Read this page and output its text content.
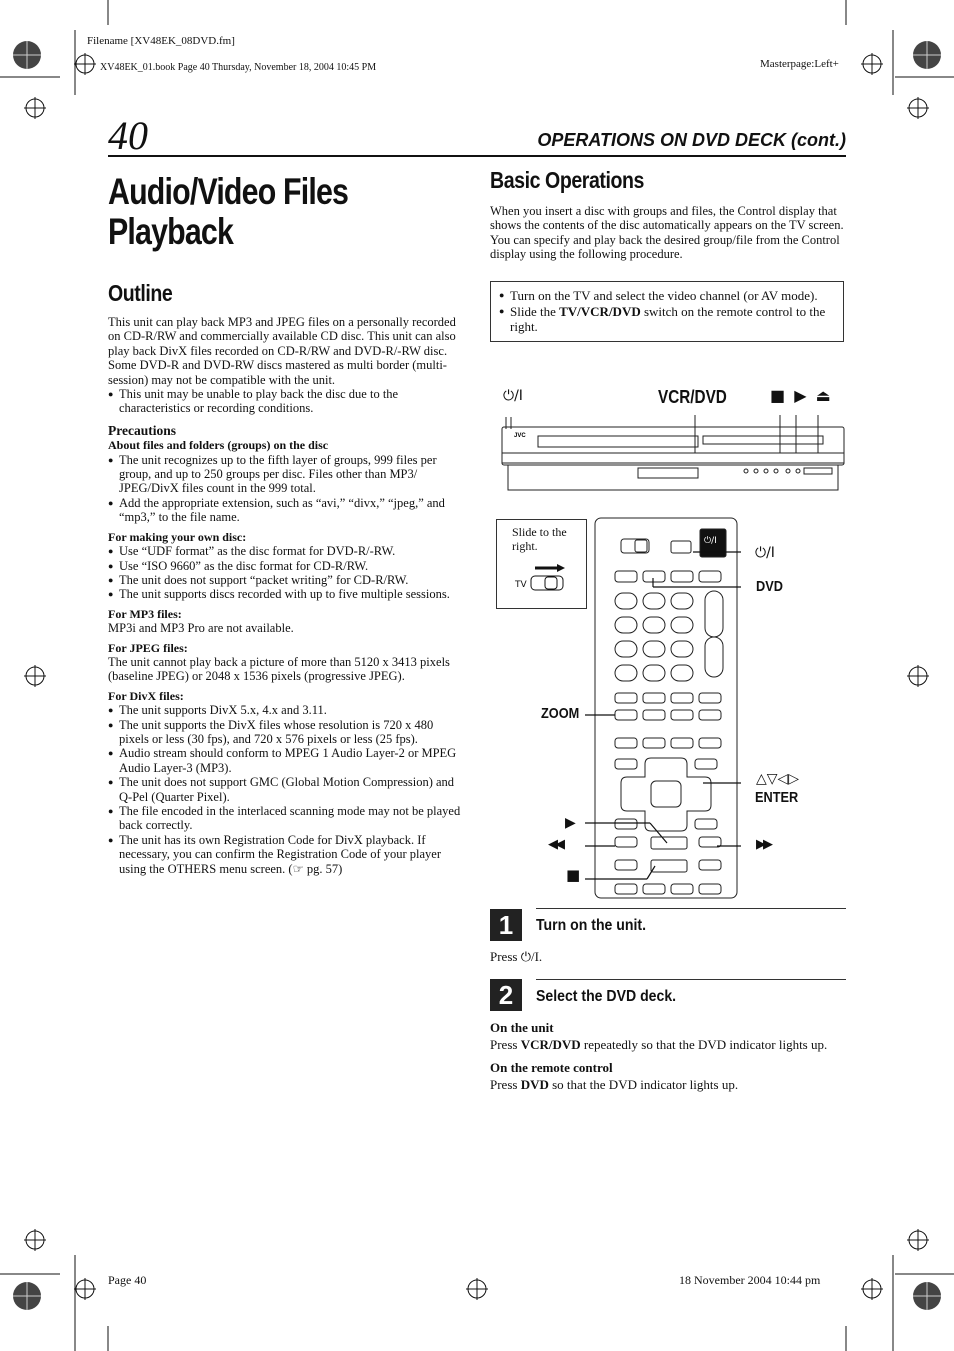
Filename [XV48EK_08DVD.fm]
XV48EK_01.book Page 40 Thursday, November 18, 2004 10:45 PM	Masterpage:Left+
40	OPERATIONS ON DVD DECK (cont.)
Audio/Video Files Playback
Outline
This unit can play back MP3 and JPEG files on a personally recorded on CD-R/RW and commercially available CD disc. This unit can also play back DivX files recorded on CD-R/RW and DVD-R/-RW disc. Some DVD-R and DVD-RW discs mastered as multi border (multi-session) may not be compatible with the unit.
● This unit may be unable to play back the disc due to the characteristics or recording conditions.
Precautions
About files and folders (groups) on the disc
● The unit recognizes up to the fifth layer of groups, 999 files per group, and up to 250 groups per disc. Files other than MP3/ JPEG/DivX files count in the 999 total.
● Add the appropriate extension, such as “avi,” “divx,” “jpeg,” and “mp3,” to the file name.
For making your own disc:
● Use “UDF format” as the disc format for DVD-R/-RW.
● Use “ISO 9660” as the disc format for CD-R/RW.
● The unit does not support “packet writing” for CD-R/RW.
● The unit supports discs recorded with up to five multiple sessions.
For MP3 files:
MP3i and MP3 Pro are not available.
For JPEG files:
The unit cannot play back a picture of more than 5120 x 3413 pixels (baseline JPEG) or 2048 x 1536 pixels (progressive JPEG).
For DivX files:
● The unit supports DivX 5.x, 4.x and 3.11.
● The unit supports the DivX files whose resolution is 720 x 480 pixels or less (30 fps), and 720 x 576 pixels or less (25 fps).
● Audio stream should conform to MPEG 1 Audio Layer-2 or MPEG Audio Layer-3 (MP3).
● The unit does not support GMC (Global Motion Compression) and Q-Pel (Quarter Pixel).
● The file encoded in the interlaced scanning mode may not be played back correctly.
● The unit has its own Registration Code for DivX playback. If necessary, you can confirm the Registration Code of your player using the OTHERS menu screen. (☞ pg. 57)
Basic Operations
When you insert a disc with groups and files, the Control display that shows the contents of the disc automatically appears on the TV screen.
You can specify and play back the desired group/file from the Control display using the following procedure.
● Turn on the TV and select the video channel (or AV mode).
● Slide the TV/VCR/DVD switch on the remote control to the right.
⏻/I	VCR/DVD	■ ▶ ⏏
JVC
Slide to the right.
TV
⏻/I
⏻/I
DVD
ZOOM
△▽◁▷
ENTER
▶
◀◀	▶▶
■
1	Turn on the unit.
Press ⏻/I.
2	Select the DVD deck.
On the unit
Press VCR/DVD repeatedly so that the DVD indicator lights up.
On the remote control
Press DVD so that the DVD indicator lights up.
Page 40	18 November 2004 10:44 pm
